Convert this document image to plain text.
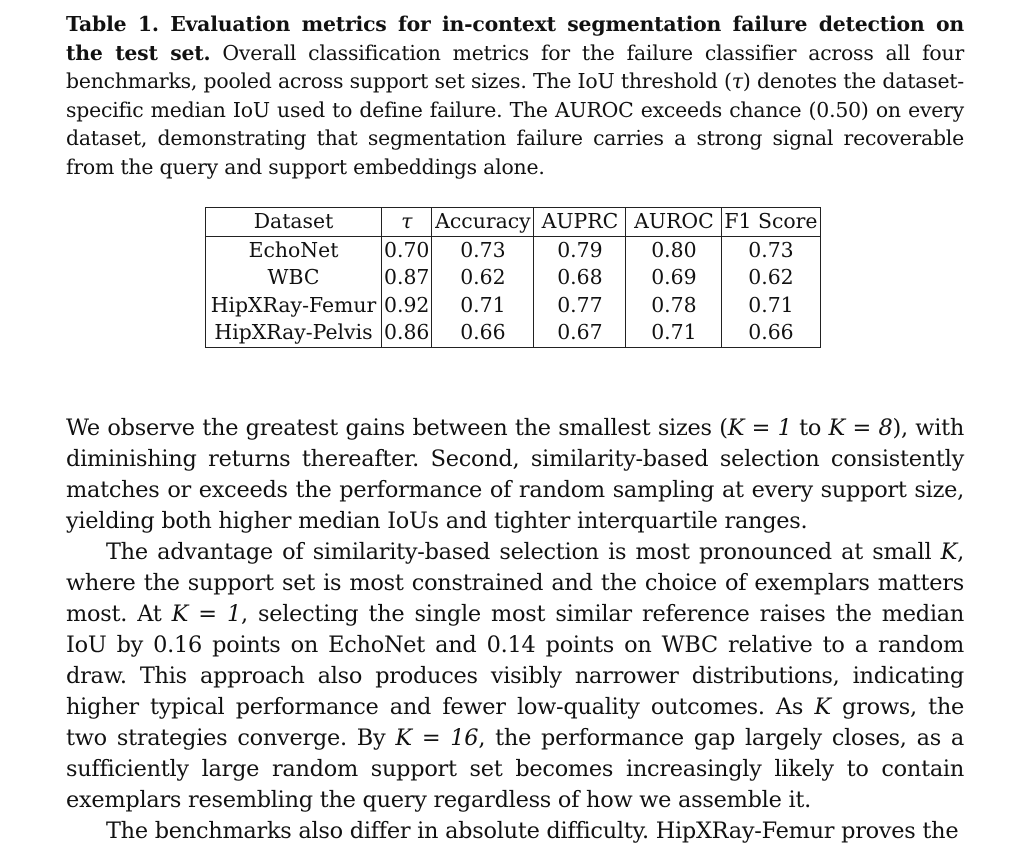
Table 1. Evaluation metrics for in-context segmentation failure detection on the test set. Overall classification metrics for the failure classifier across all four benchmarks, pooled across support set sizes. The IoU threshold (τ) denotes the dataset-specific median IoU used to define failure. The AUROC exceeds chance (0.50) on every dataset, demonstrating that segmentation failure carries a strong signal recoverable from the query and support embeddings alone.
Dataset	τ	Accuracy	AUPRC	AUROC	F1 Score
EchoNet	0.70	0.73	0.79	0.80	0.73
WBC	0.87	0.62	0.68	0.69	0.62
HipXRay-Femur	0.92	0.71	0.77	0.78	0.71
HipXRay-Pelvis	0.86	0.66	0.67	0.71	0.66

We observe the greatest gains between the smallest sizes (K = 1 to K = 8), with diminishing returns thereafter. Second, similarity-based selection consistently matches or exceeds the performance of random sampling at every support size, yielding both higher median IoUs and tighter interquartile ranges.

The advantage of similarity-based selection is most pronounced at small K, where the support set is most constrained and the choice of exemplars matters most. At K = 1, selecting the single most similar reference raises the median IoU by 0.16 points on EchoNet and 0.14 points on WBC relative to a random draw. This approach also produces visibly narrower distributions, indicating higher typical performance and fewer low-quality outcomes. As K grows, the two strategies converge. By K = 16, the performance gap largely closes, as a sufficiently large random support set becomes increasingly likely to contain exemplars resembling the query regardless of how we assemble it.

The benchmarks also differ in absolute difficulty. HipXRay-Femur proves the
